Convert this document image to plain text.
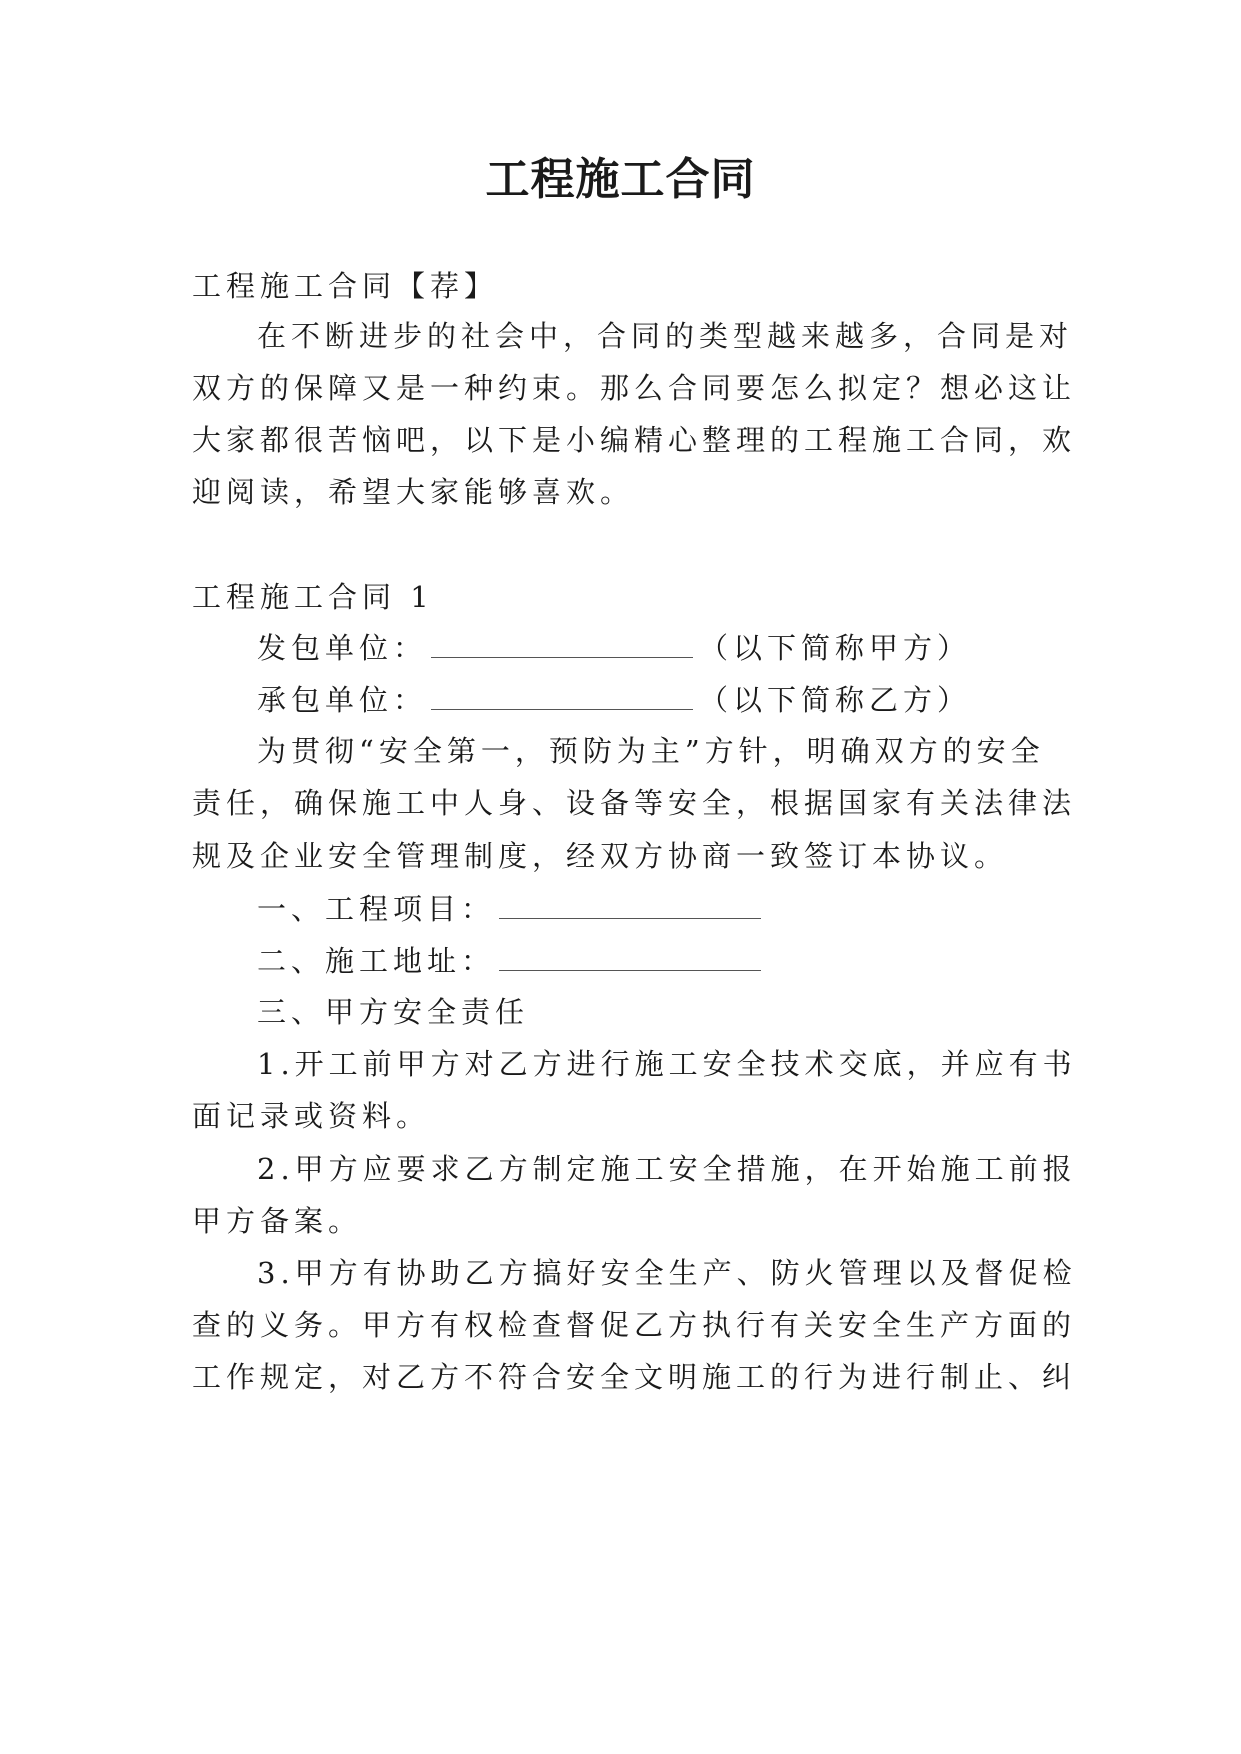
工程施工合同

工程施工合同【荐】

在不断进步的社会中，合同的类型越来越多，合同是对

双方的保障又是一种约束。那么合同要怎么拟定？想必这让

大家都很苦恼吧，以下是小编精心整理的工程施工合同，欢

迎阅读，希望大家能够喜欢。

工程施工合同 1

发包单位：	（以下简称甲方）

承包单位：	（以下简称乙方）

为贯彻“安全第一，预防为主”方针，明确双方的安全

责任，确保施工中人身、设备等安全，根据国家有关法律法

规及企业安全管理制度，经双方协商一致签订本协议。

一、工程项目：

二、施工地址：

三、甲方安全责任

1.开工前甲方对乙方进行施工安全技术交底，并应有书

面记录或资料。

2.甲方应要求乙方制定施工安全措施，在开始施工前报

甲方备案。

3.甲方有协助乙方搞好安全生产、防火管理以及督促检

查的义务。甲方有权检查督促乙方执行有关安全生产方面的

工作规定，对乙方不符合安全文明施工的行为进行制止、纠
